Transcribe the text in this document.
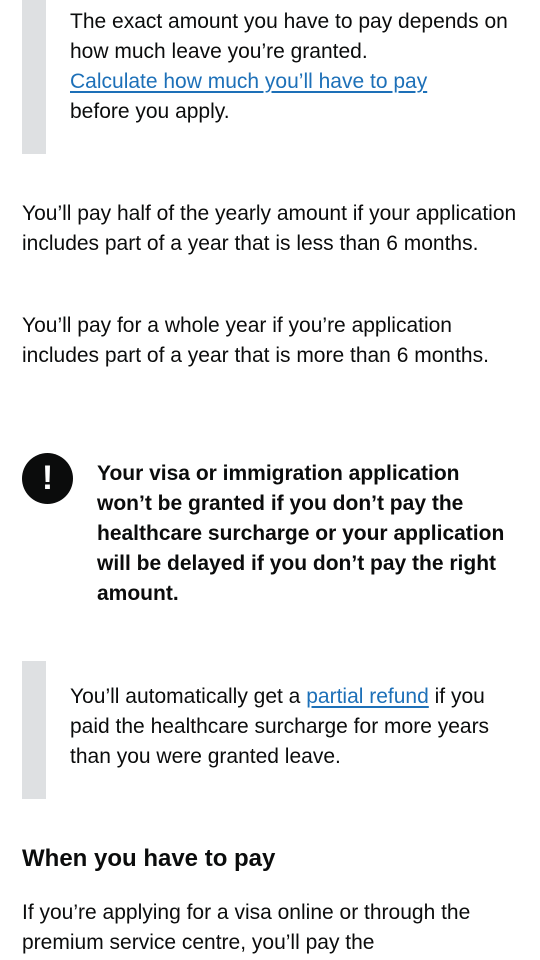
The exact amount you have to pay depends on how much leave you’re granted.
Calculate how much you’ll have to pay
before you apply.

You’ll pay half of the yearly amount if your application includes part of a year that is less than 6 months.

You’ll pay for a whole year if you’re application includes part of a year that is more than 6 months.

!	Your visa or immigration application won’t be granted if you don’t pay the healthcare surcharge or your application will be delayed if you don’t pay the right amount.
You’ll automatically get a partial refund if you paid the healthcare surcharge for more years than you were granted leave.
When you have to pay

If you’re applying for a visa online or through the premium service centre, you’ll pay the
